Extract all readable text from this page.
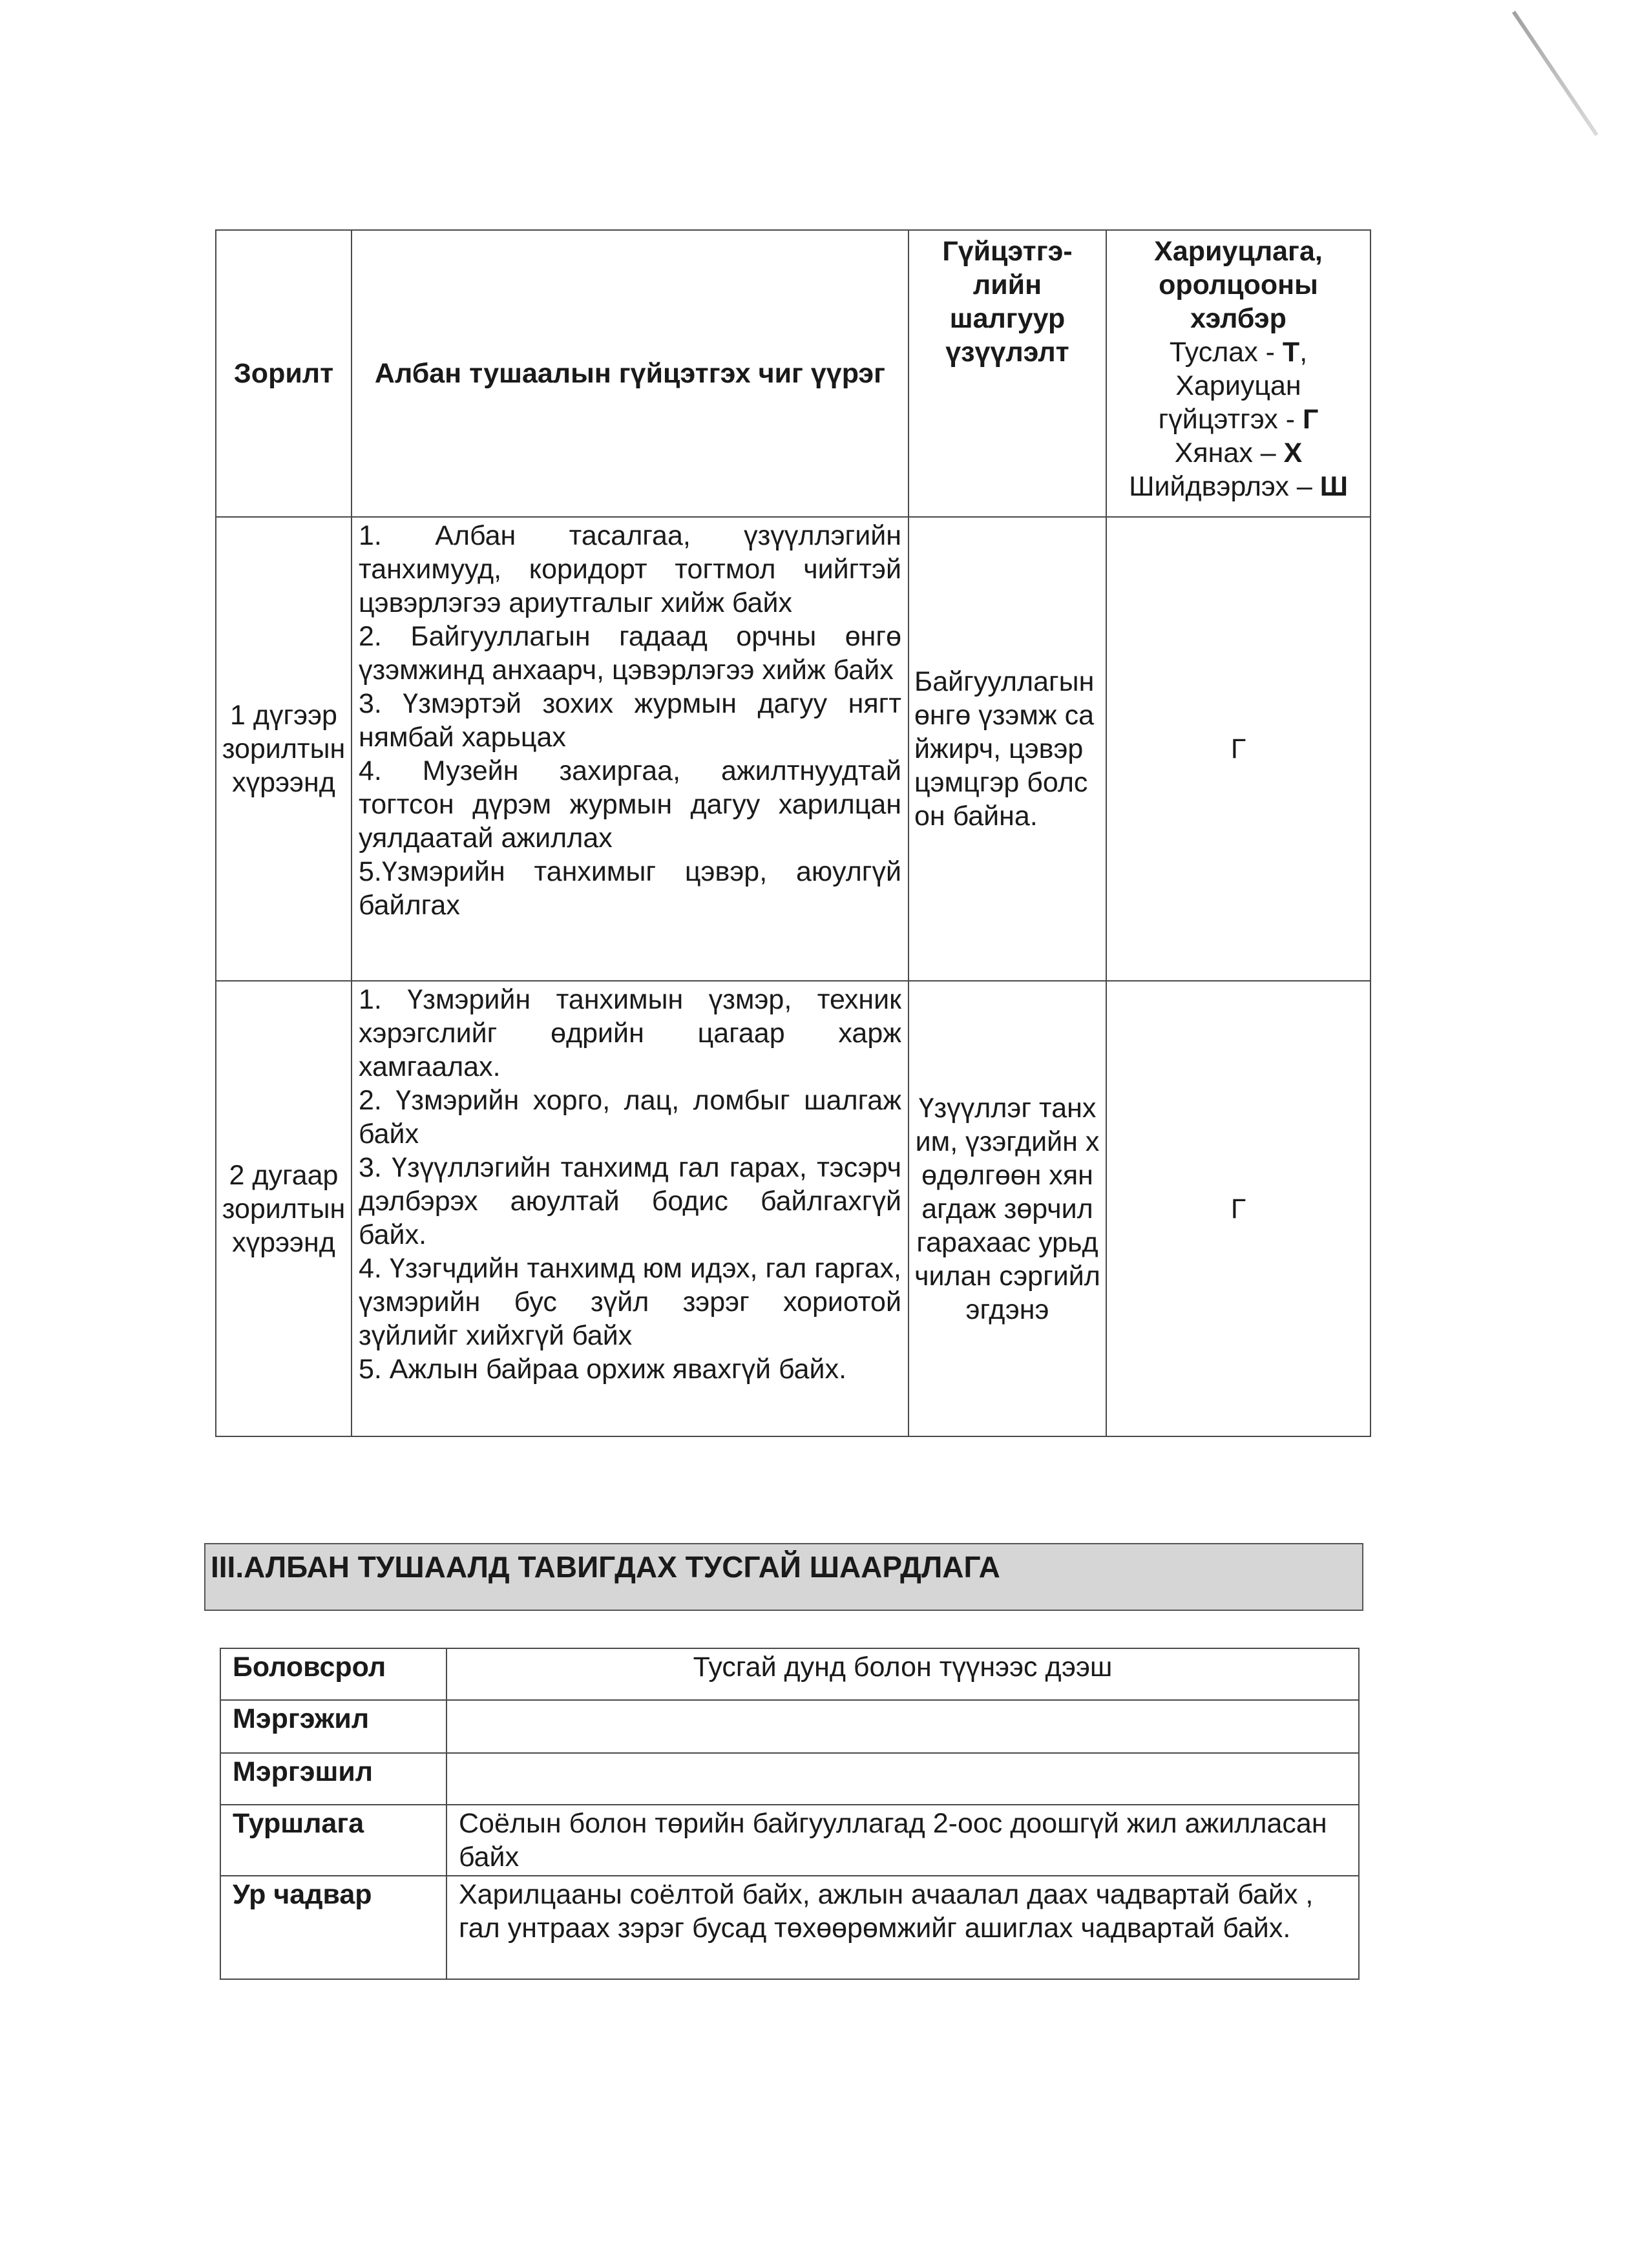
Зорилт	Албан тушаалын гүйцэтгэх чиг үүрэг	Гүйцэтгэ-лийн шалгуур үзүүлэлт	Хариуцлага, оролцооны хэлбэр
Туслах - Т,
Хариуцан гүйцэтгэх - Г
Хянах – Х
Шийдвэрлэх – Ш

1 дүгээр зорилтын хүрээнд	1. Албан тасалгаа, үзүүллэгийн танхимууд, коридорт тогтмол чийгтэй цэвэрлэгээ ариутгалыг хийж байх
2. Байгууллагын гадаад орчны өнгө үзэмжинд анхаарч, цэвэрлэгээ хийж байх
3. Үзмэртэй зохих журмын дагуу нягт нямбай харьцах
4. Музейн захиргаа, ажилтнуудтай тогтсон дүрэм журмын дагуу харилцан уялдаатай ажиллах
5.Үзмэрийн танхимыг цэвэр, аюулгүй байлгах	Байгууллагын өнгө үзэмж сайжирч, цэвэр цэмцгэр болсон байна.	Г
2 дугаар зорилтын хүрээнд	1. Үзмэрийн танхимын үзмэр, техник хэрэгслийг өдрийн цагаар харж хамгаалах.
2. Үзмэрийн хорго, лац, ломбыг шалгаж байх
3. Үзүүллэгийн танхимд гал гарах, тэсэрч дэлбэрэх аюултай бодис байлгахгүй байх.
4. Үзэгчдийн танхимд юм идэх, гал гаргах, үзмэрийн бус зүйл зэрэг хориотой зүйлийг хийхгүй байх
5. Ажлын байраа орхиж явахгүй байх.	Үзүүллэг танхим, үзэгдийн хөдөлгөөн хянагдаж зөрчил гарахаас урьдчилан сэргийлэгдэнэ	Г
III.АЛБАН ТУШААЛД ТАВИГДАХ ТУСГАЙ ШААРДЛАГА
Боловсрол	Тусгай дунд болон түүнээс дээш
Мэргэжил	
Мэргэшил	
Туршлага	Соёлын болон төрийн байгууллагад 2-оос доошгүй жил ажилласан байх
Ур чадвар	Харилцааны соёлтой байх, ажлын ачаалал даах чадвартай байх , гал унтраах зэрэг бусад төхөөрөмжийг ашиглах чадвартай байх.
